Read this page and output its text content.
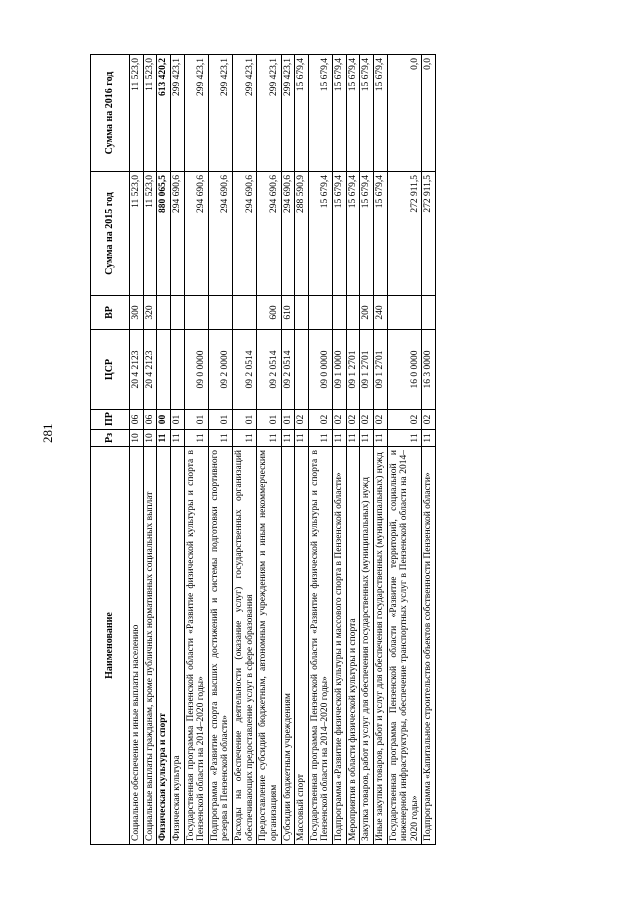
281
Наименование	Рз	ПР	ЦСР	ВР	Сумма на 2015 год	Сумма на 2016 год
Социальное обеспечение и иные выплаты населению	10	06	20 4 2123	300	11 523,0	11 523,0
Социальные выплаты гражданам, кроме публичных нормативных социальных выплат	10	06	20 4 2123	320	11 523,0	11 523,0
Физическая культура и спорт	11	00			880 065,5	613 420,2
Физическая культура	11	01			294 690,6	299 423,1
Государственная программа Пензенской области «Развитие физической культуры и спорта в Пензенской области на 2014–2020 годы»	11	01	09 0 0000		294 690,6	299 423,1
Подпрограмма «Развитие спорта высших достижений и системы подготовки спортивного резерва в Пензенской области»	11	01	09 2 0000		294 690,6	299 423,1
Расходы на обеспечение деятельности (оказание услуг) государственных организаций обеспечивающих предоставление услуг в сфере образования	11	01	09 2 0514		294 690,6	299 423,1
Предоставление субсидий бюджетным, автономным учреждениям и иным некоммерческим организациям	11	01	09 2 0514	600	294 690,6	299 423,1
Субсидии бюджетным учреждениям	11	01	09 2 0514	610	294 690,6	299 423,1
Массовый спорт	11	02			288 590,9	15 679,4
Государственная программа Пензенской области «Развитие физической культуры и спорта в Пензенской области на 2014–2020 годы»	11	02	09 0 0000		15 679,4	15 679,4
Подпрограмма «Развитие физической культуры и массового спорта в Пензенской области»	11	02	09 1 0000		15 679,4	15 679,4
Мероприятия в области физической культуры и спорта	11	02	09 1 2701		15 679,4	15 679,4
Закупка товаров, работ и услуг для обеспечения государственных (муниципальных) нужд	11	02	09 1 2701	200	15 679,4	15 679,4
Иные закупки товаров, работ и услуг для обеспечения государственных (муниципальных) нужд	11	02	09 1 2701	240	15 679,4	15 679,4
Государственная программа Пензенской области «Развитие территорий, социальной и инженерной инфраструктуры, обеспечение транспортных услуг в Пензенской области на 2014–2020 годы»	11	02	16 0 0000		272 911,5	0,0
Подпрограмма «Капитальное строительство объектов собственности Пензенской области»	11	02	16 3 0000		272 911,5	0,0
